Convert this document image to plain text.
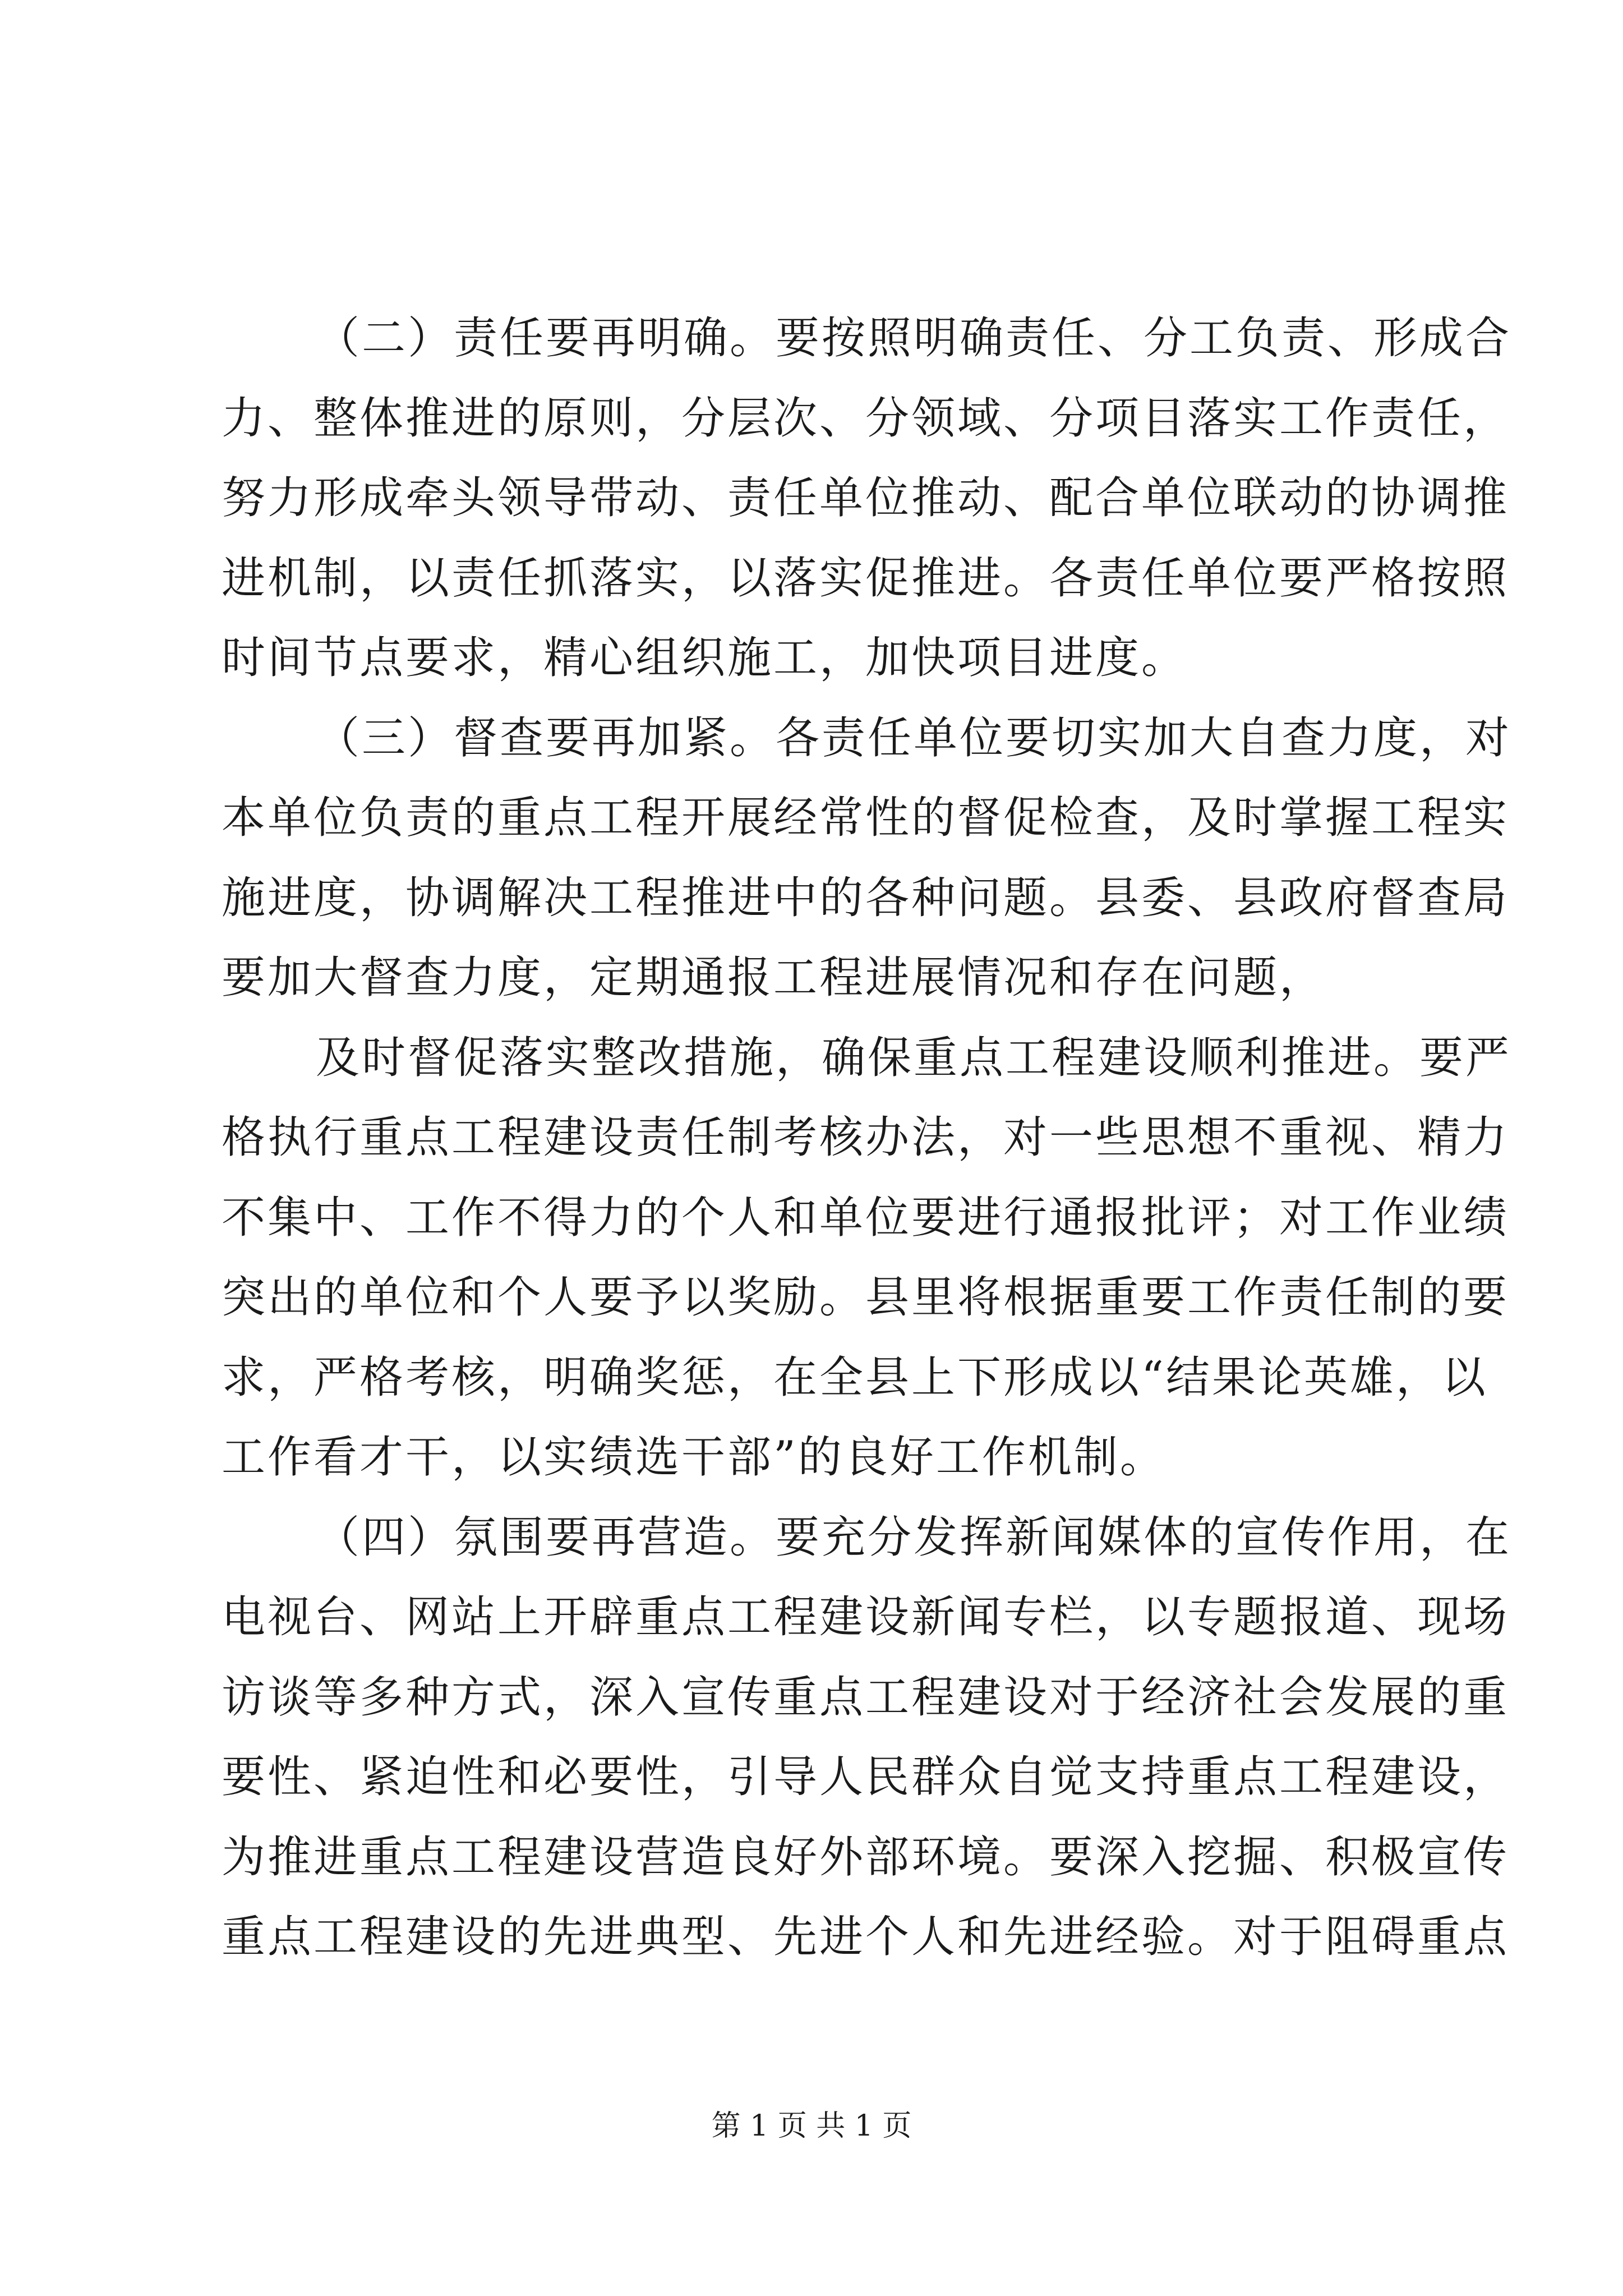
（二）责任要再明确。要按照明确责任、分工负责、形成合
力、整体推进的原则，分层次、分领域、分项目落实工作责任，
努力形成牵头领导带动、责任单位推动、配合单位联动的协调推
进机制，以责任抓落实，以落实促推进。各责任单位要严格按照
时间节点要求，精心组织施工，加快项目进度。
（三）督查要再加紧。各责任单位要切实加大自查力度，对
本单位负责的重点工程开展经常性的督促检查，及时掌握工程实
施进度，协调解决工程推进中的各种问题。县委、县政府督查局
要加大督查力度，定期通报工程进展情况和存在问题，
及时督促落实整改措施，确保重点工程建设顺利推进。要严
格执行重点工程建设责任制考核办法，对一些思想不重视、精力
不集中、工作不得力的个人和单位要进行通报批评；对工作业绩
突出的单位和个人要予以奖励。县里将根据重要工作责任制的要
求，严格考核，明确奖惩，在全县上下形成以“结果论英雄，以
工作看才干，以实绩选干部”的良好工作机制。
（四）氛围要再营造。要充分发挥新闻媒体的宣传作用，在
电视台、网站上开辟重点工程建设新闻专栏，以专题报道、现场
访谈等多种方式，深入宣传重点工程建设对于经济社会发展的重
要性、紧迫性和必要性，引导人民群众自觉支持重点工程建设，
为推进重点工程建设营造良好外部环境。要深入挖掘、积极宣传
重点工程建设的先进典型、先进个人和先进经验。对于阻碍重点
第 1 页 共 1 页
